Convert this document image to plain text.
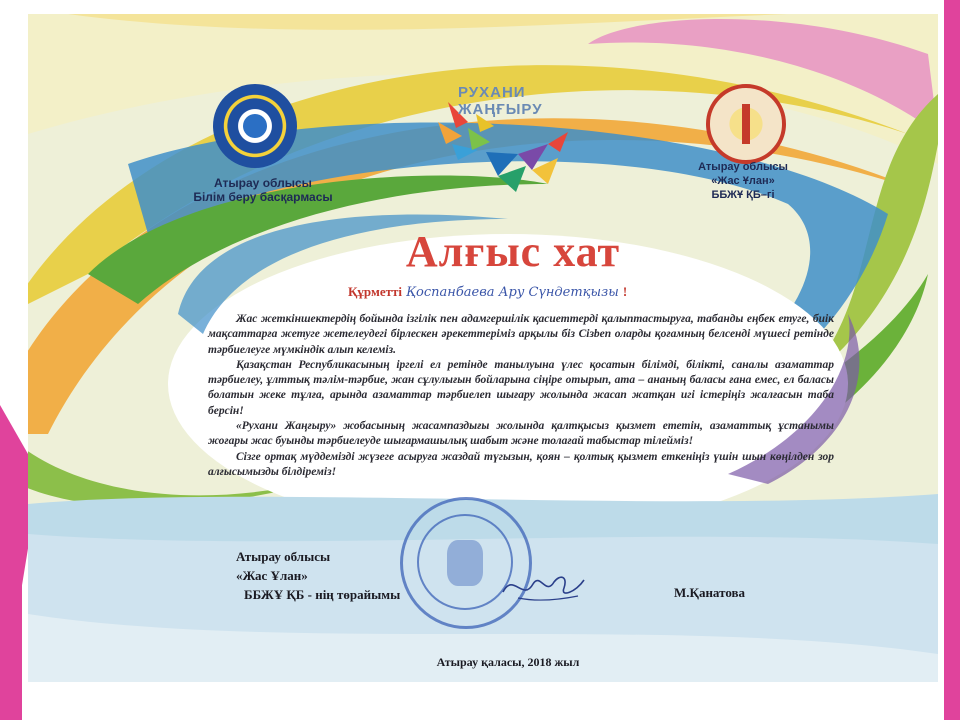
Атырау облысы
Білім беру басқармасы
РУХАНИ
ЖАҢҒЫРУ
Атырау облысы
«Жас Ұлан»
ББЖҰ ҚБ–гі
Алғыс хат
Құрметті Қоспанбаева Ару Сүндетқызы !

Жас жеткіншектердің бойында ізгілік пен адамгершілік қасиеттерді қалыптастыруға, табанды еңбек етуге, биік мақсаттарға жетуге жетелеудегі бірлескен әрекеттеріміз арқылы біз Сізben оларды қоғамның белсенді мүшесі ретінде тәрбиелеуге мүмкіндік алып келеміз.

Қазақстан Республикасының іргелі ел ретінде танылуына үлес қосатын білімді, білікті, саналы азаматтар тәрбиелеу, ұлттық тәлім-тәрбие, жан сұлулығын бойларына сіңіре отырып, ата – ананың баласы ғана емес, ел баласы болатын жеке тұлға, арында азаматтар тәрбиелеп шығару жолында жасап жатқан игі істеріңіз жалғасын таба берсін!

«Рухани Жаңғыру» жобасының жасампаздығы жолында қалтқысыз қызмет ететін, азаматтық ұстанымы жоғары жас буынды тәрбиелеуде шығармашылық шабыт және толағай табыстар тілейміз!

Сізге ортақ мүддемізді жүзеге асыруға жаздай түгызын, қоян – қолтық қызмет еткеніңіз үшін шын көңілден зор алғысымызды білдіреміз!

Атырау облысы
«Жас Ұлан»
ББЖҰ ҚБ - нің төрайымы	М.Қанатова
Атырау қаласы, 2018 жыл
